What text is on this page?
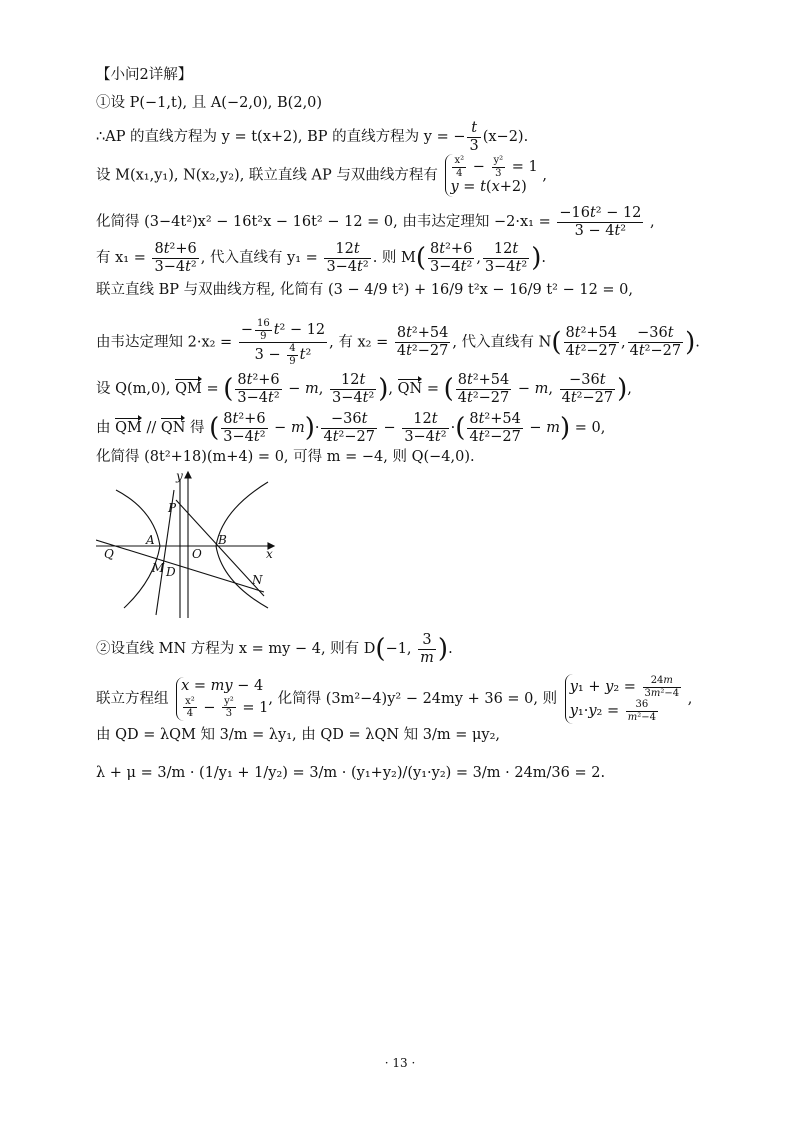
【小问2详解】
①设 P(−1,t), 且 A(−2,0), B(2,0)
∴AP 的直线方程为 y = t(x+2), BP 的直线方程为 y = − $\frac{t}{3} (x-2)$.
设 M(x₁,y₁), N(x₂,y₂), 联立直线 AP 与双曲线方程有 $\frac{\text{x²}}{4} - \frac{\text{y²}}{3} = 1$
y = t(x+2)
,
化简得 (3−4t²)x² − 16t²x − 16t² − 12 = 0, 由韦达定理知 $-2\cdot x_1 = \frac{\text{−16t² − 12}}{\text{3 − 4t²}}$ ,
有 $x_1 = \frac{\text{8t²+6}}{\text{3−4t²}}$ , 代入直线有 $y_1 = \frac{12t}{\text{3−4t²}}$ . 则 $M( \frac{\text{8t²+6}}{\text{3−4t²}}$ , $\frac{12t}{\text{3−4t²}}$ ).
联立直线 BP 与双曲线方程, 化简有 (3 − 4/9 t²) + 16/9 t²x − 16/9 t² − 12 = 0,
由韦达定理知 $2\cdot x_2 = \frac{- \frac{16}{9} t^2 - 12}{3 - \frac{4}{9} t^2}$ , 有 $x_2 = \frac{\text{8t²+54}}{\text{4t²−27}}$ , 代入直线有 $N( \frac{\text{8t²+54}}{\text{4t²−27}}$ , $\frac{-36t}{\text{4t²−27}}$ ).
设 Q(m,0), QM = ( $\frac{\text{8t²+6}}{\text{3−4t²}} - m$, $\frac{12t}{\text{3−4t²}}$ ), QN = ( $\frac{\text{8t²+54}}{\text{4t²−27}} - m$, $\frac{-36t}{\text{4t²−27}}$ ),
由 QM // QN 得 ( $\frac{\text{8t²+6}}{\text{3−4t²}} - m)\cdot \frac{-36t}{\text{4t²−27}} - \frac{12t}{\text{3−4t²}}$ ·( $\frac{\text{8t²+54}}{\text{4t²−27}} - m) = 0$,
化简得 (8t²+18)(m+4) = 0, 可得 m = −4, 则 Q(−4,0).
y
x
P
A
O
B
Q
M D
N
②设直线 MN 方程为 x = my − 4, 则有 D(−1, $\frac{3}{m}$ ).
联立方程组
x = my − 4
$\frac{\text{x²}}{4} - \frac{\text{y²}}{3} = 1$
, 化简得 (3m²−4)y² − 24my + 36 = 0, 则
$y_1 + y_2 = \frac{24m}{\text{3m²−4}}$
$y_1\cdot y_2 = \frac{36}{\text{m²−4}}$ ,
由 QD = λQM 知 3/m = λy₁, 由 QD = λQN 知 3/m = μy₂,
λ + μ = 3/m · (1/y₁ + 1/y₂) = 3/m · (y₁+y₂)/(y₁·y₂) = 3/m · 24m/36 = 2.
· 13 ·
